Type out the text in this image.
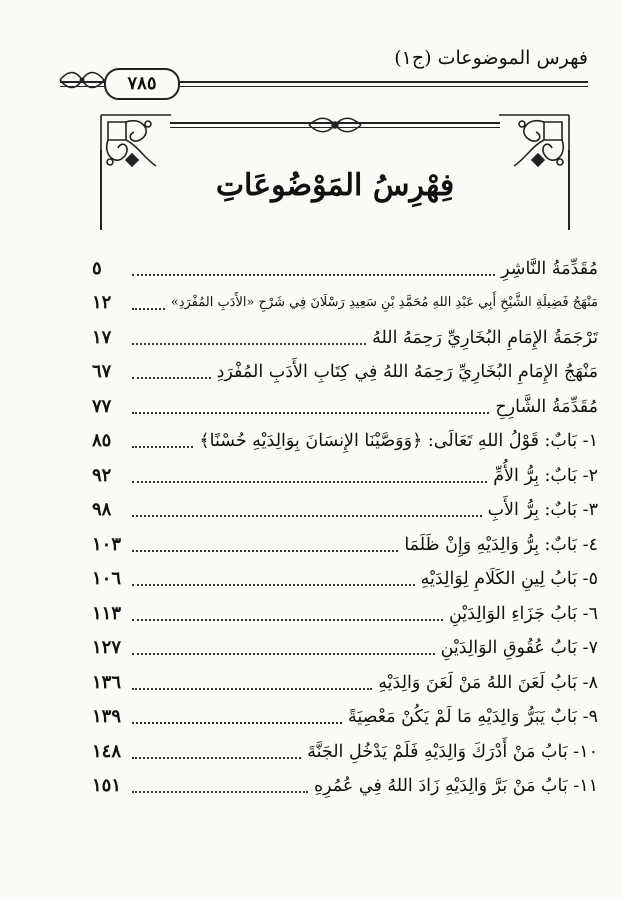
فهرس الموضوعات (ج١)
٧٨٥
فِهْرِسُ المَوْضُوعَاتِ
مُقَدِّمَةُ النَّاشِرِ
٥
مَنْهَجُ فَضِيلَةِ الشَّيْخِ أَبِي عَبْدِ اللهِ مُحَمَّدِ بْنِ سَعِيدِ رَسْلَانَ فِي شَرْحِ «الأَدَبِ المُفْرَدِ»
١٢
تَرْجَمَةُ الإِمَامِ البُخَارِيِّ رَحِمَهُ اللهُ
١٧
مَنْهَجُ الإِمَامِ البُخَارِيِّ رَحِمَهُ اللهُ فِي كِتَابِ الأَدَبِ المُفْرَدِ
٦٧
مُقَدِّمَةُ الشَّارِحِ
٧٧
١- بَابٌ: قَوْلُ اللهِ تَعَالَى: ﴿وَوَصَّيْنَا الإِنسَانَ بِوَالِدَيْهِ حُسْنًا﴾
٨٥
٢- بَابٌ: بِرُّ الأُمِّ
٩٢
٣- بَابٌ: بِرُّ الأَبِ
٩٨
٤- بَابٌ: بِرُّ وَالِدَيْهِ وَإِنْ ظَلَمَا
١٠٣
٥- بَابُ لِينِ الكَلَامِ لِوَالِدَيْهِ
١٠٦
٦- بَابُ جَزَاءِ الوَالِدَيْنِ
١١٣
٧- بَابُ عُقُوقِ الوَالِدَيْنِ
١٢٧
٨- بَابُ لَعَنَ اللهُ مَنْ لَعَنَ وَالِدَيْهِ
١٣٦
٩- بَابٌ يَبَرُّ وَالِدَيْهِ مَا لَمْ يَكُنْ مَعْصِيَةً
١٣٩
١٠- بَابُ مَنْ أَدْرَكَ وَالِدَيْهِ فَلَمْ يَدْخُلِ الجَنَّةَ
١٤٨
١١- بَابُ مَنْ بَرَّ وَالِدَيْهِ زَادَ اللهُ فِي عُمُرِهِ
١٥١
